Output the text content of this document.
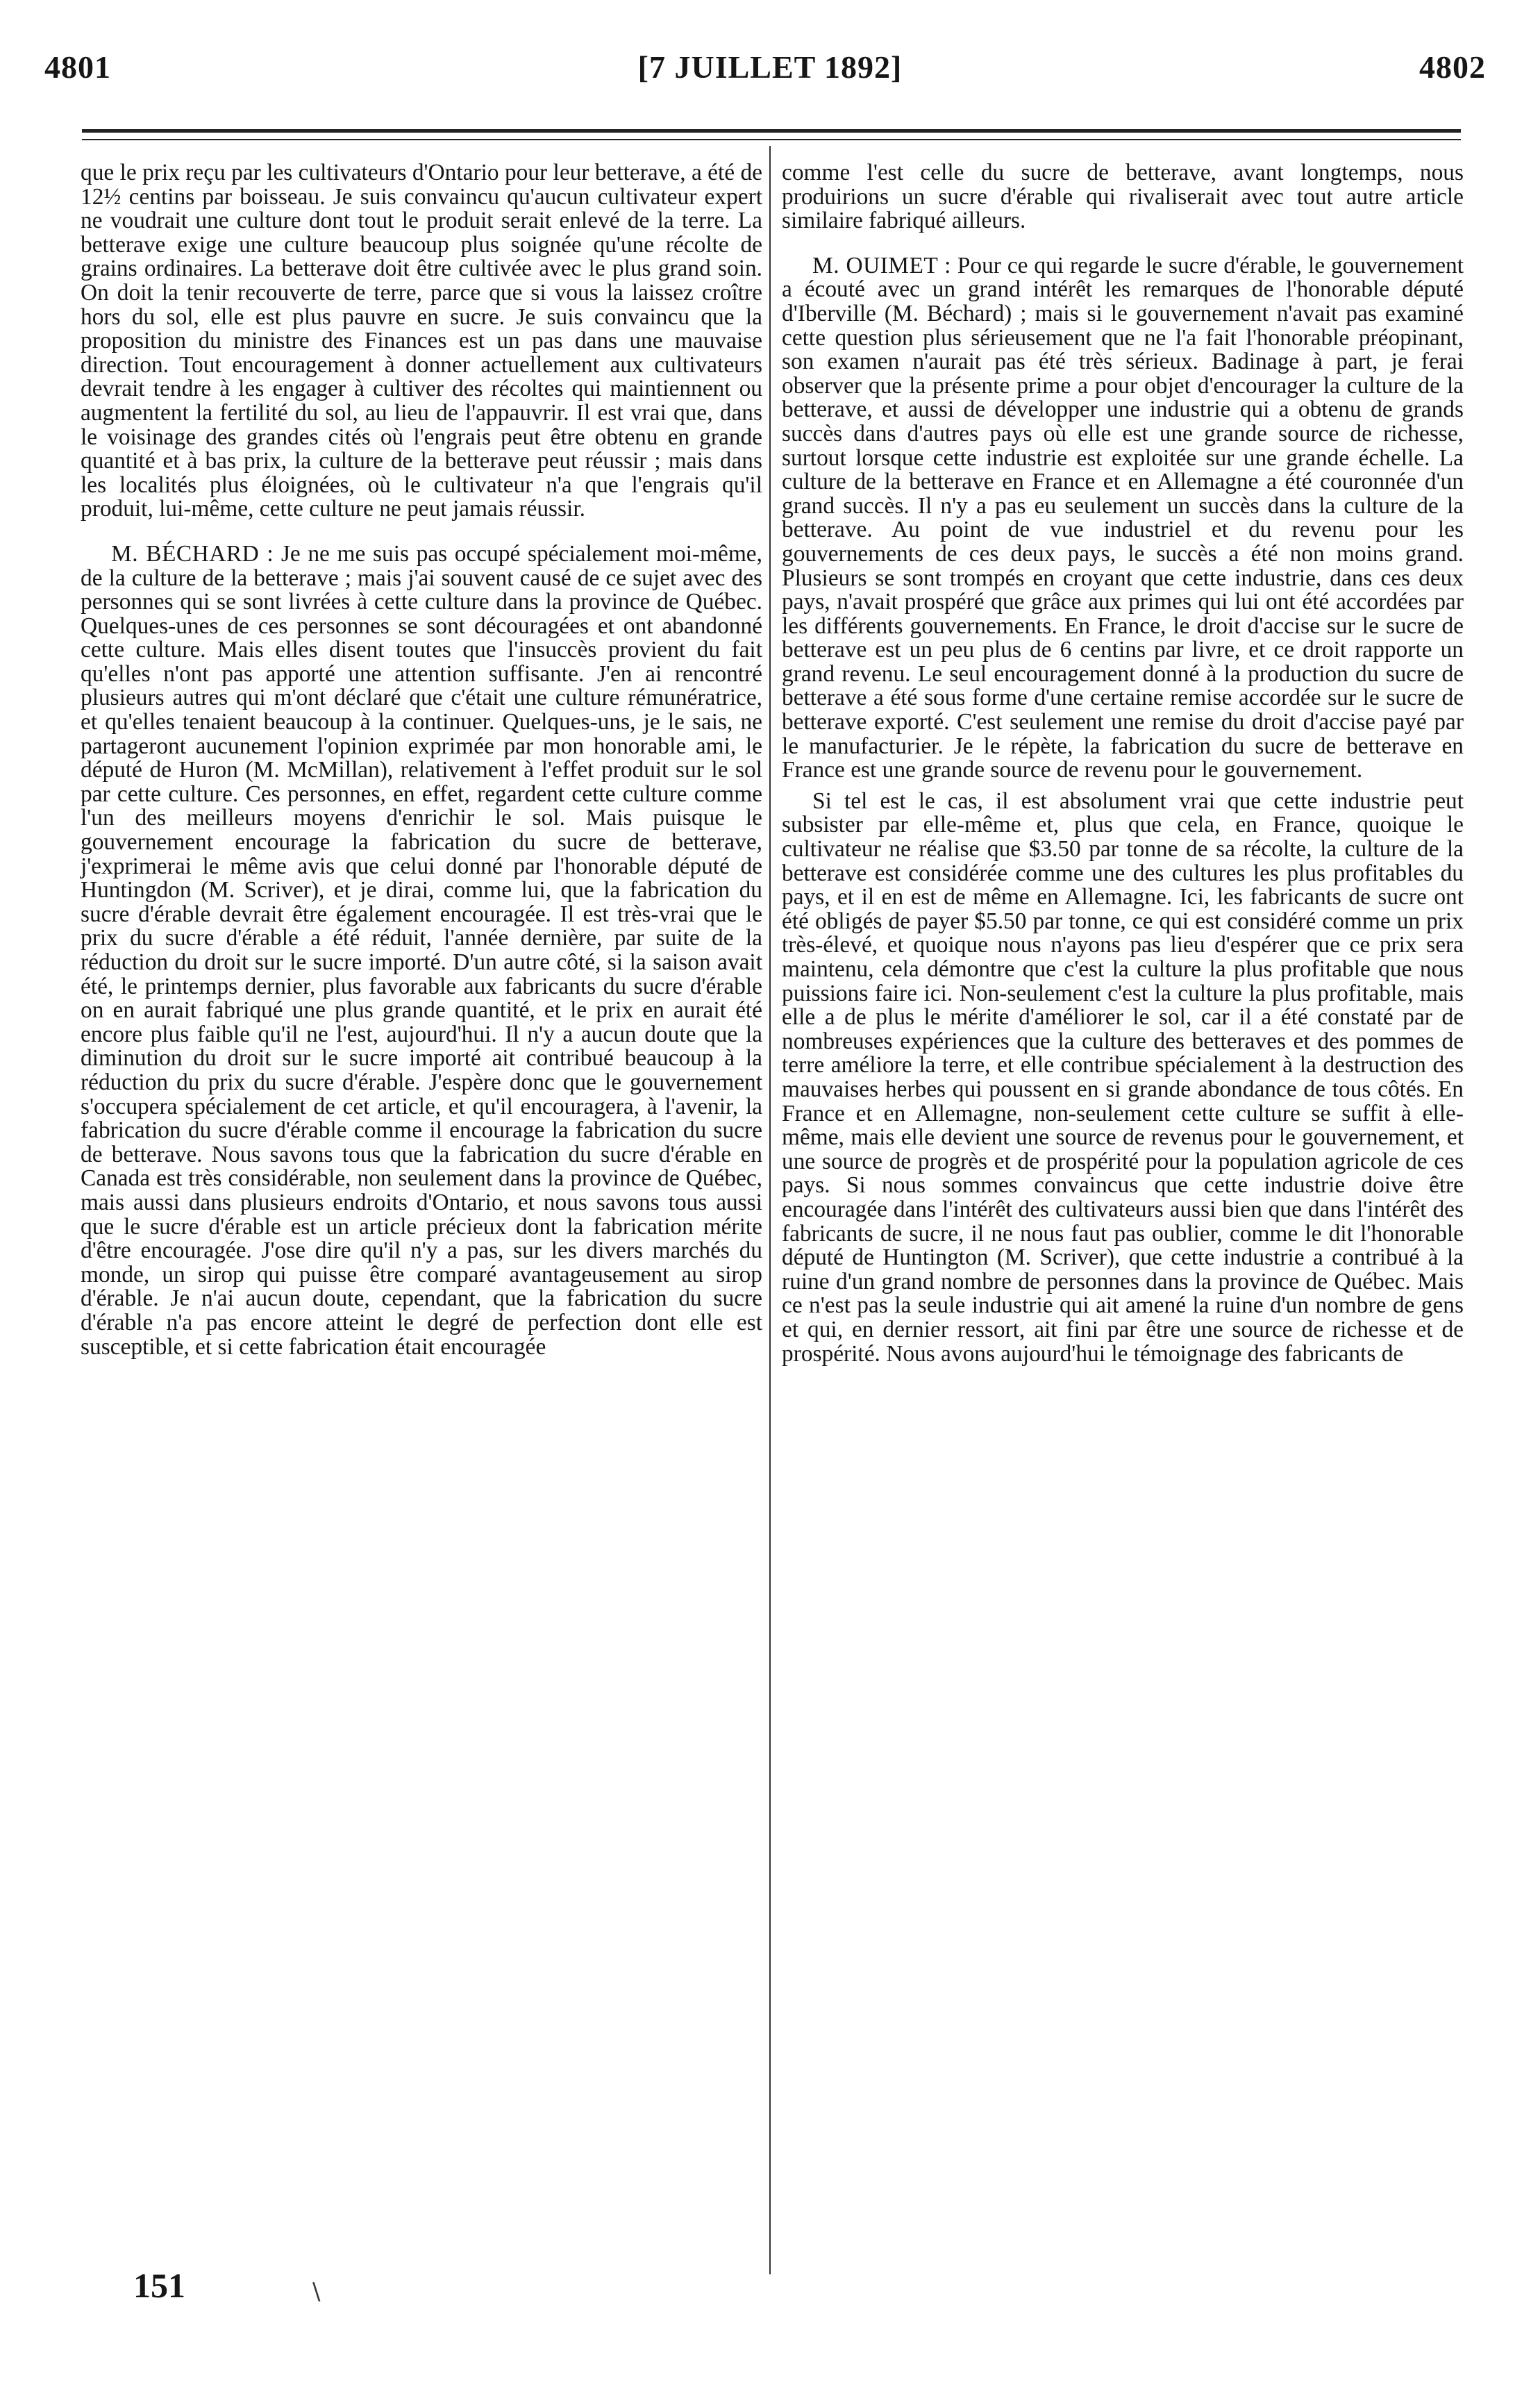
4801	[7 JUILLET 1892]	4802

que le prix reçu par les cultivateurs d'Ontario pour leur betterave, a été de 12½ centins par boisseau. Je suis convaincu qu'aucun cultivateur expert ne voudrait une culture dont tout le produit serait enlevé de la terre. La betterave exige une culture beaucoup plus soignée qu'une récolte de grains ordinaires. La betterave doit être cultivée avec le plus grand soin. On doit la tenir recouverte de terre, parce que si vous la laissez croître hors du sol, elle est plus pauvre en sucre. Je suis convaincu que la proposition du ministre des Finances est un pas dans une mauvaise direction. Tout encouragement à donner actuellement aux cultivateurs devrait tendre à les engager à cultiver des récoltes qui maintiennent ou augmentent la fertilité du sol, au lieu de l'appauvrir. Il est vrai que, dans le voisinage des grandes cités où l'engrais peut être obtenu en grande quantité et à bas prix, la culture de la betterave peut réussir ; mais dans les localités plus éloignées, où le cultivateur n'a que l'engrais qu'il produit, lui-même, cette culture ne peut jamais réussir.

M. BÉCHARD : Je ne me suis pas occupé spécialement moi-même, de la culture de la betterave ; mais j'ai souvent causé de ce sujet avec des personnes qui se sont livrées à cette culture dans la province de Québec. Quelques-unes de ces personnes se sont découragées et ont abandonné cette culture. Mais elles disent toutes que l'insuccès provient du fait qu'elles n'ont pas apporté une attention suffisante. J'en ai rencontré plusieurs autres qui m'ont déclaré que c'était une culture rémunératrice, et qu'elles tenaient beaucoup à la continuer. Quelques-uns, je le sais, ne partageront aucunement l'opinion exprimée par mon honorable ami, le député de Huron (M. McMillan), relativement à l'effet produit sur le sol par cette culture. Ces personnes, en effet, regardent cette culture comme l'un des meilleurs moyens d'enrichir le sol. Mais puisque le gouvernement encourage la fabrication du sucre de betterave, j'exprimerai le même avis que celui donné par l'honorable député de Huntingdon (M. Scriver), et je dirai, comme lui, que la fabrication du sucre d'érable devrait être également encouragée. Il est très-vrai que le prix du sucre d'érable a été réduit, l'année dernière, par suite de la réduction du droit sur le sucre importé. D'un autre côté, si la saison avait été, le printemps dernier, plus favorable aux fabricants du sucre d'érable on en aurait fabriqué une plus grande quantité, et le prix en aurait été encore plus faible qu'il ne l'est, aujourd'hui. Il n'y a aucun doute que la diminution du droit sur le sucre importé ait contribué beaucoup à la réduction du prix du sucre d'érable. J'espère donc que le gouvernement s'occupera spécialement de cet article, et qu'il encouragera, à l'avenir, la fabrication du sucre d'érable comme il encourage la fabrication du sucre de betterave. Nous savons tous que la fabrication du sucre d'érable en Canada est très considérable, non seulement dans la province de Québec, mais aussi dans plusieurs endroits d'Ontario, et nous savons tous aussi que le sucre d'érable est un article précieux dont la fabrication mérite d'être encouragée. J'ose dire qu'il n'y a pas, sur les divers marchés du monde, un sirop qui puisse être comparé avantageusement au sirop d'érable. Je n'ai aucun doute, cependant, que la fabrication du sucre d'érable n'a pas encore atteint le degré de perfection dont elle est susceptible, et si cette fabrication était encouragée

comme l'est celle du sucre de betterave, avant longtemps, nous produirions un sucre d'érable qui rivaliserait avec tout autre article similaire fabriqué ailleurs.

M. OUIMET : Pour ce qui regarde le sucre d'érable, le gouvernement a écouté avec un grand intérêt les remarques de l'honorable député d'Iberville (M. Béchard) ; mais si le gouvernement n'avait pas examiné cette question plus sérieusement que ne l'a fait l'honorable préopinant, son examen n'aurait pas été très sérieux. Badinage à part, je ferai observer que la présente prime a pour objet d'encourager la culture de la betterave, et aussi de développer une industrie qui a obtenu de grands succès dans d'autres pays où elle est une grande source de richesse, surtout lorsque cette industrie est exploitée sur une grande échelle. La culture de la betterave en France et en Allemagne a été couronnée d'un grand succès. Il n'y a pas eu seulement un succès dans la culture de la betterave. Au point de vue industriel et du revenu pour les gouvernements de ces deux pays, le succès a été non moins grand. Plusieurs se sont trompés en croyant que cette industrie, dans ces deux pays, n'avait prospéré que grâce aux primes qui lui ont été accordées par les différents gouvernements. En France, le droit d'accise sur le sucre de betterave est un peu plus de 6 centins par livre, et ce droit rapporte un grand revenu. Le seul encouragement donné à la production du sucre de betterave a été sous forme d'une certaine remise accordée sur le sucre de betterave exporté. C'est seulement une remise du droit d'accise payé par le manufacturier. Je le répète, la fabrication du sucre de betterave en France est une grande source de revenu pour le gouvernement.

Si tel est le cas, il est absolument vrai que cette industrie peut subsister par elle-même et, plus que cela, en France, quoique le cultivateur ne réalise que $3.50 par tonne de sa récolte, la culture de la betterave est considérée comme une des cultures les plus profitables du pays, et il en est de même en Allemagne. Ici, les fabricants de sucre ont été obligés de payer $5.50 par tonne, ce qui est considéré comme un prix très-élevé, et quoique nous n'ayons pas lieu d'espérer que ce prix sera maintenu, cela démontre que c'est la culture la plus profitable que nous puissions faire ici. Non-seulement c'est la culture la plus profitable, mais elle a de plus le mérite d'améliorer le sol, car il a été constaté par de nombreuses expériences que la culture des betteraves et des pommes de terre améliore la terre, et elle contribue spécialement à la destruction des mauvaises herbes qui poussent en si grande abondance de tous côtés. En France et en Allemagne, non-seulement cette culture se suffit à elle-même, mais elle devient une source de revenus pour le gouvernement, et une source de progrès et de prospérité pour la population agricole de ces pays. Si nous sommes convaincus que cette industrie doive être encouragée dans l'intérêt des cultivateurs aussi bien que dans l'intérêt des fabricants de sucre, il ne nous faut pas oublier, comme le dit l'honorable député de Huntington (M. Scriver), que cette industrie a contribué à la ruine d'un grand nombre de personnes dans la province de Québec. Mais ce n'est pas la seule industrie qui ait amené la ruine d'un nombre de gens et qui, en dernier ressort, ait fini par être une source de richesse et de prospérité. Nous avons aujourd'hui le témoignage des fabricants de

151	\
